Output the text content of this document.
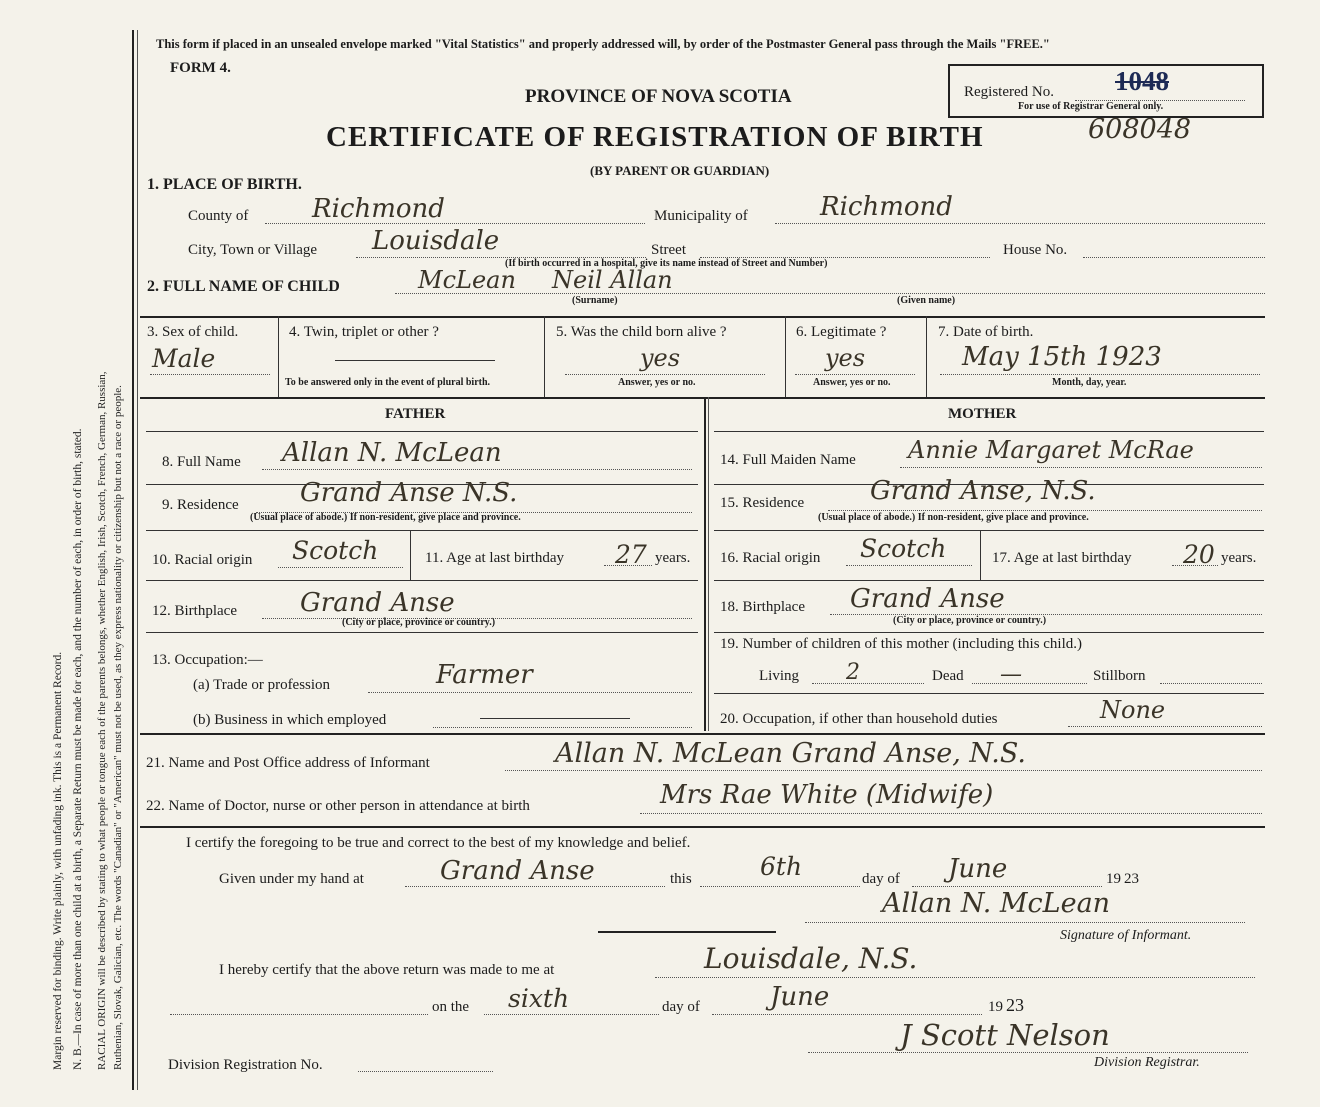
Margin reserved for binding. Write plainly, with unfading ink. This is a Permanent Record. N. B.—In case of more than one child at a birth, a Separate Return must be made for each, and the number of each, in order of birth, stated. RACIAL ORIGIN will be described by stating to what people or tongue each of the parents belongs, whether English, Irish, Scotch, French, German, Russian, Ruthenian, Slovak, Galician, etc. The words "Canadian" or "American" must not be used, as they express nationality or citizenship but not a race or people.
This form if placed in an unsealed envelope marked "Vital Statistics" and properly addressed will, by order of the Postmaster General pass through the Mails "FREE."
FORM 4.
PROVINCE OF NOVA SCOTIA
CERTIFICATE OF REGISTRATION OF BIRTH	608048
(BY PARENT OR GUARDIAN)
Registered No. 1048
For use of Registrar General only.
1. PLACE OF BIRTH.
County of Richmond	Municipality of	Richmond
City, Town or Village Louisdale	Street	House No.
(If birth occurred in a hospital, give its name instead of Street and Number)
2. FULL NAME OF CHILD	McLean Neil Allan
(Surname)	(Given name)
3. Sex of child.
Male
4. Twin, triplet or other ?
To be answered only in the event of plural birth.
5. Was the child born alive ?
yes
Answer, yes or no.
6. Legitimate ?
yes
Answer, yes or no.
7. Date of birth.
May 15th 1923
Month, day, year.
FATHER	MOTHER
8. Full Name Allan N. McLean
9. Residence Grand Anse N.S.
(Usual place of abode.) If non-resident, give place and province.
10. Racial origin Scotch	11. Age at last birthday 27 years.
12. Birthplace Grand Anse
(City or place, province or country.)
13. Occupation:—
(a) Trade or profession	Farmer
(b) Business in which employed
14. Full Maiden Name Annie Margaret McRae
15. Residence	Grand Anse, N.S.
(Usual place of abode.) If non-resident, give place and province.
16. Racial origin Scotch	17. Age at last birthday 20 years.
18. Birthplace Grand Anse
(City or place, province or country.)
19. Number of children of this mother (including this child.)
Living 2	Dead —	Stillborn
20. Occupation, if other than household duties	None
21. Name and Post Office address of Informant	Allan N. McLean Grand Anse, N.S.
22. Name of Doctor, nurse or other person in attendance at birth	Mrs Rae White (Midwife)
I certify the foregoing to be true and correct to the best of my knowledge and belief.
Given under my hand at	Grand Anse	this	6th	day of June	19 23
Allan N. McLean
Signature of Informant.
I hereby certify that the above return was made to me at	Louisdale, N.S.
on the sixth	day of	June	19 23
Division Registration No.
J Scott Nelson
Division Registrar.
